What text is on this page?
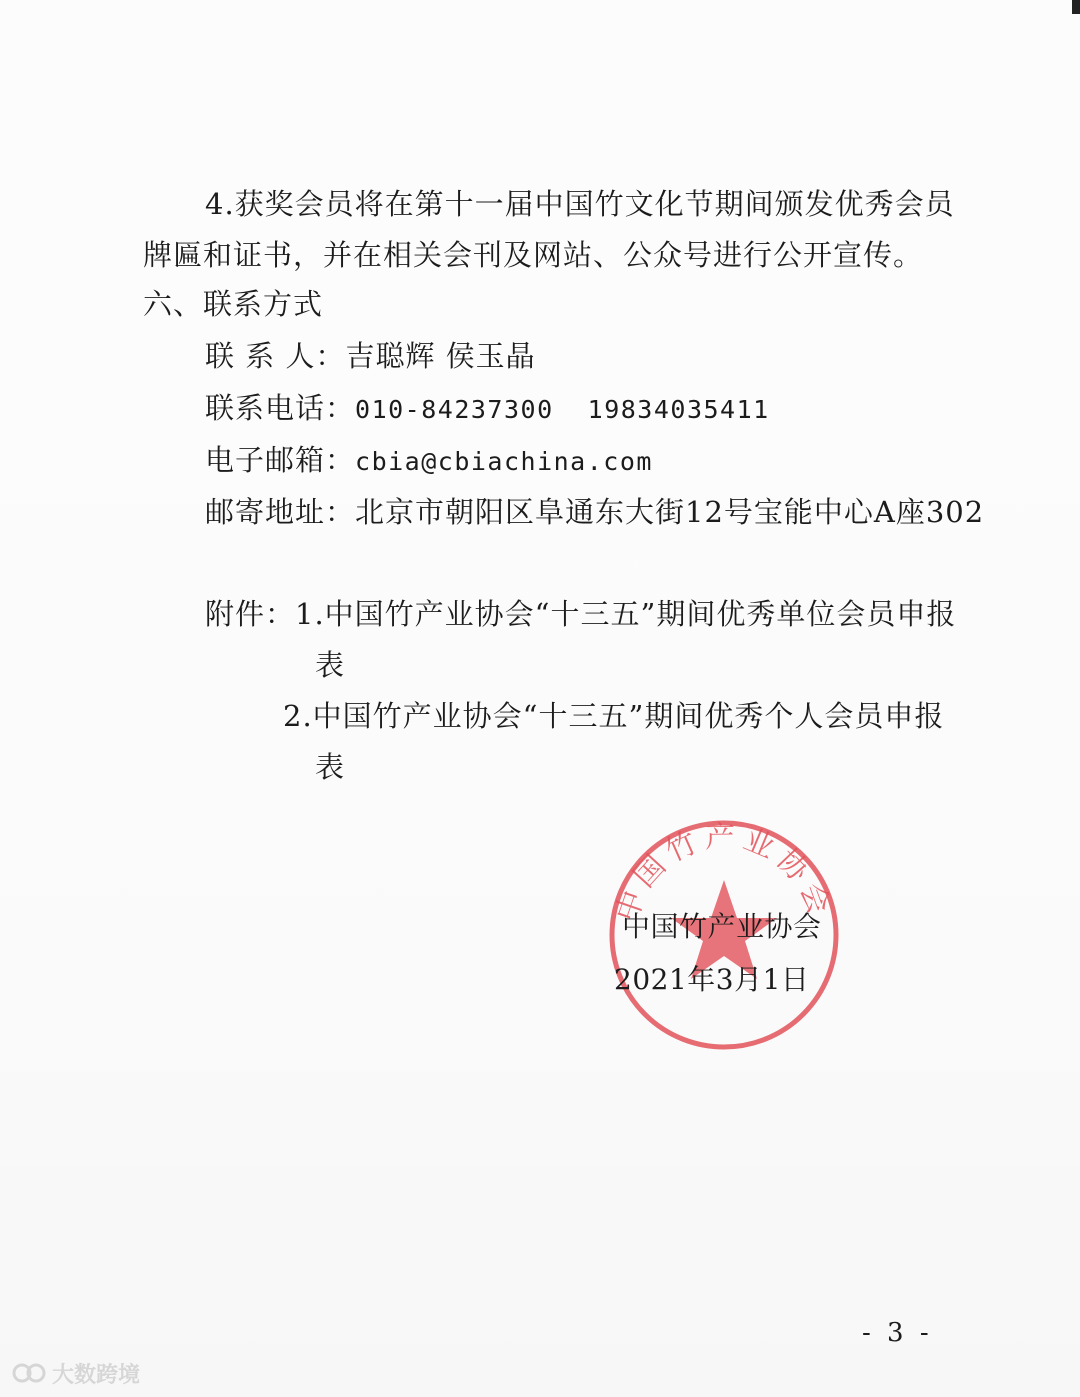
4.获奖会员将在第十一届中国竹文化节期间颁发优秀会员
牌匾和证书，并在相关会刊及网站、公众号进行公开宣传。
六、联系方式
联 系 人：吉聪辉 侯玉晶
联系电话：010-84237300 19834035411
电子邮箱：cbia@cbiachina.com
邮寄地址：北京市朝阳区阜通东大街12号宝能中心A座302
附件：1.中国竹产业协会“十三五”期间优秀单位会员申报
表
2.中国竹产业协会“十三五”期间优秀个人会员申报
表
中国竹产业协会
中国竹产业协会
2021年3月1日
- 3 -
大数跨境
